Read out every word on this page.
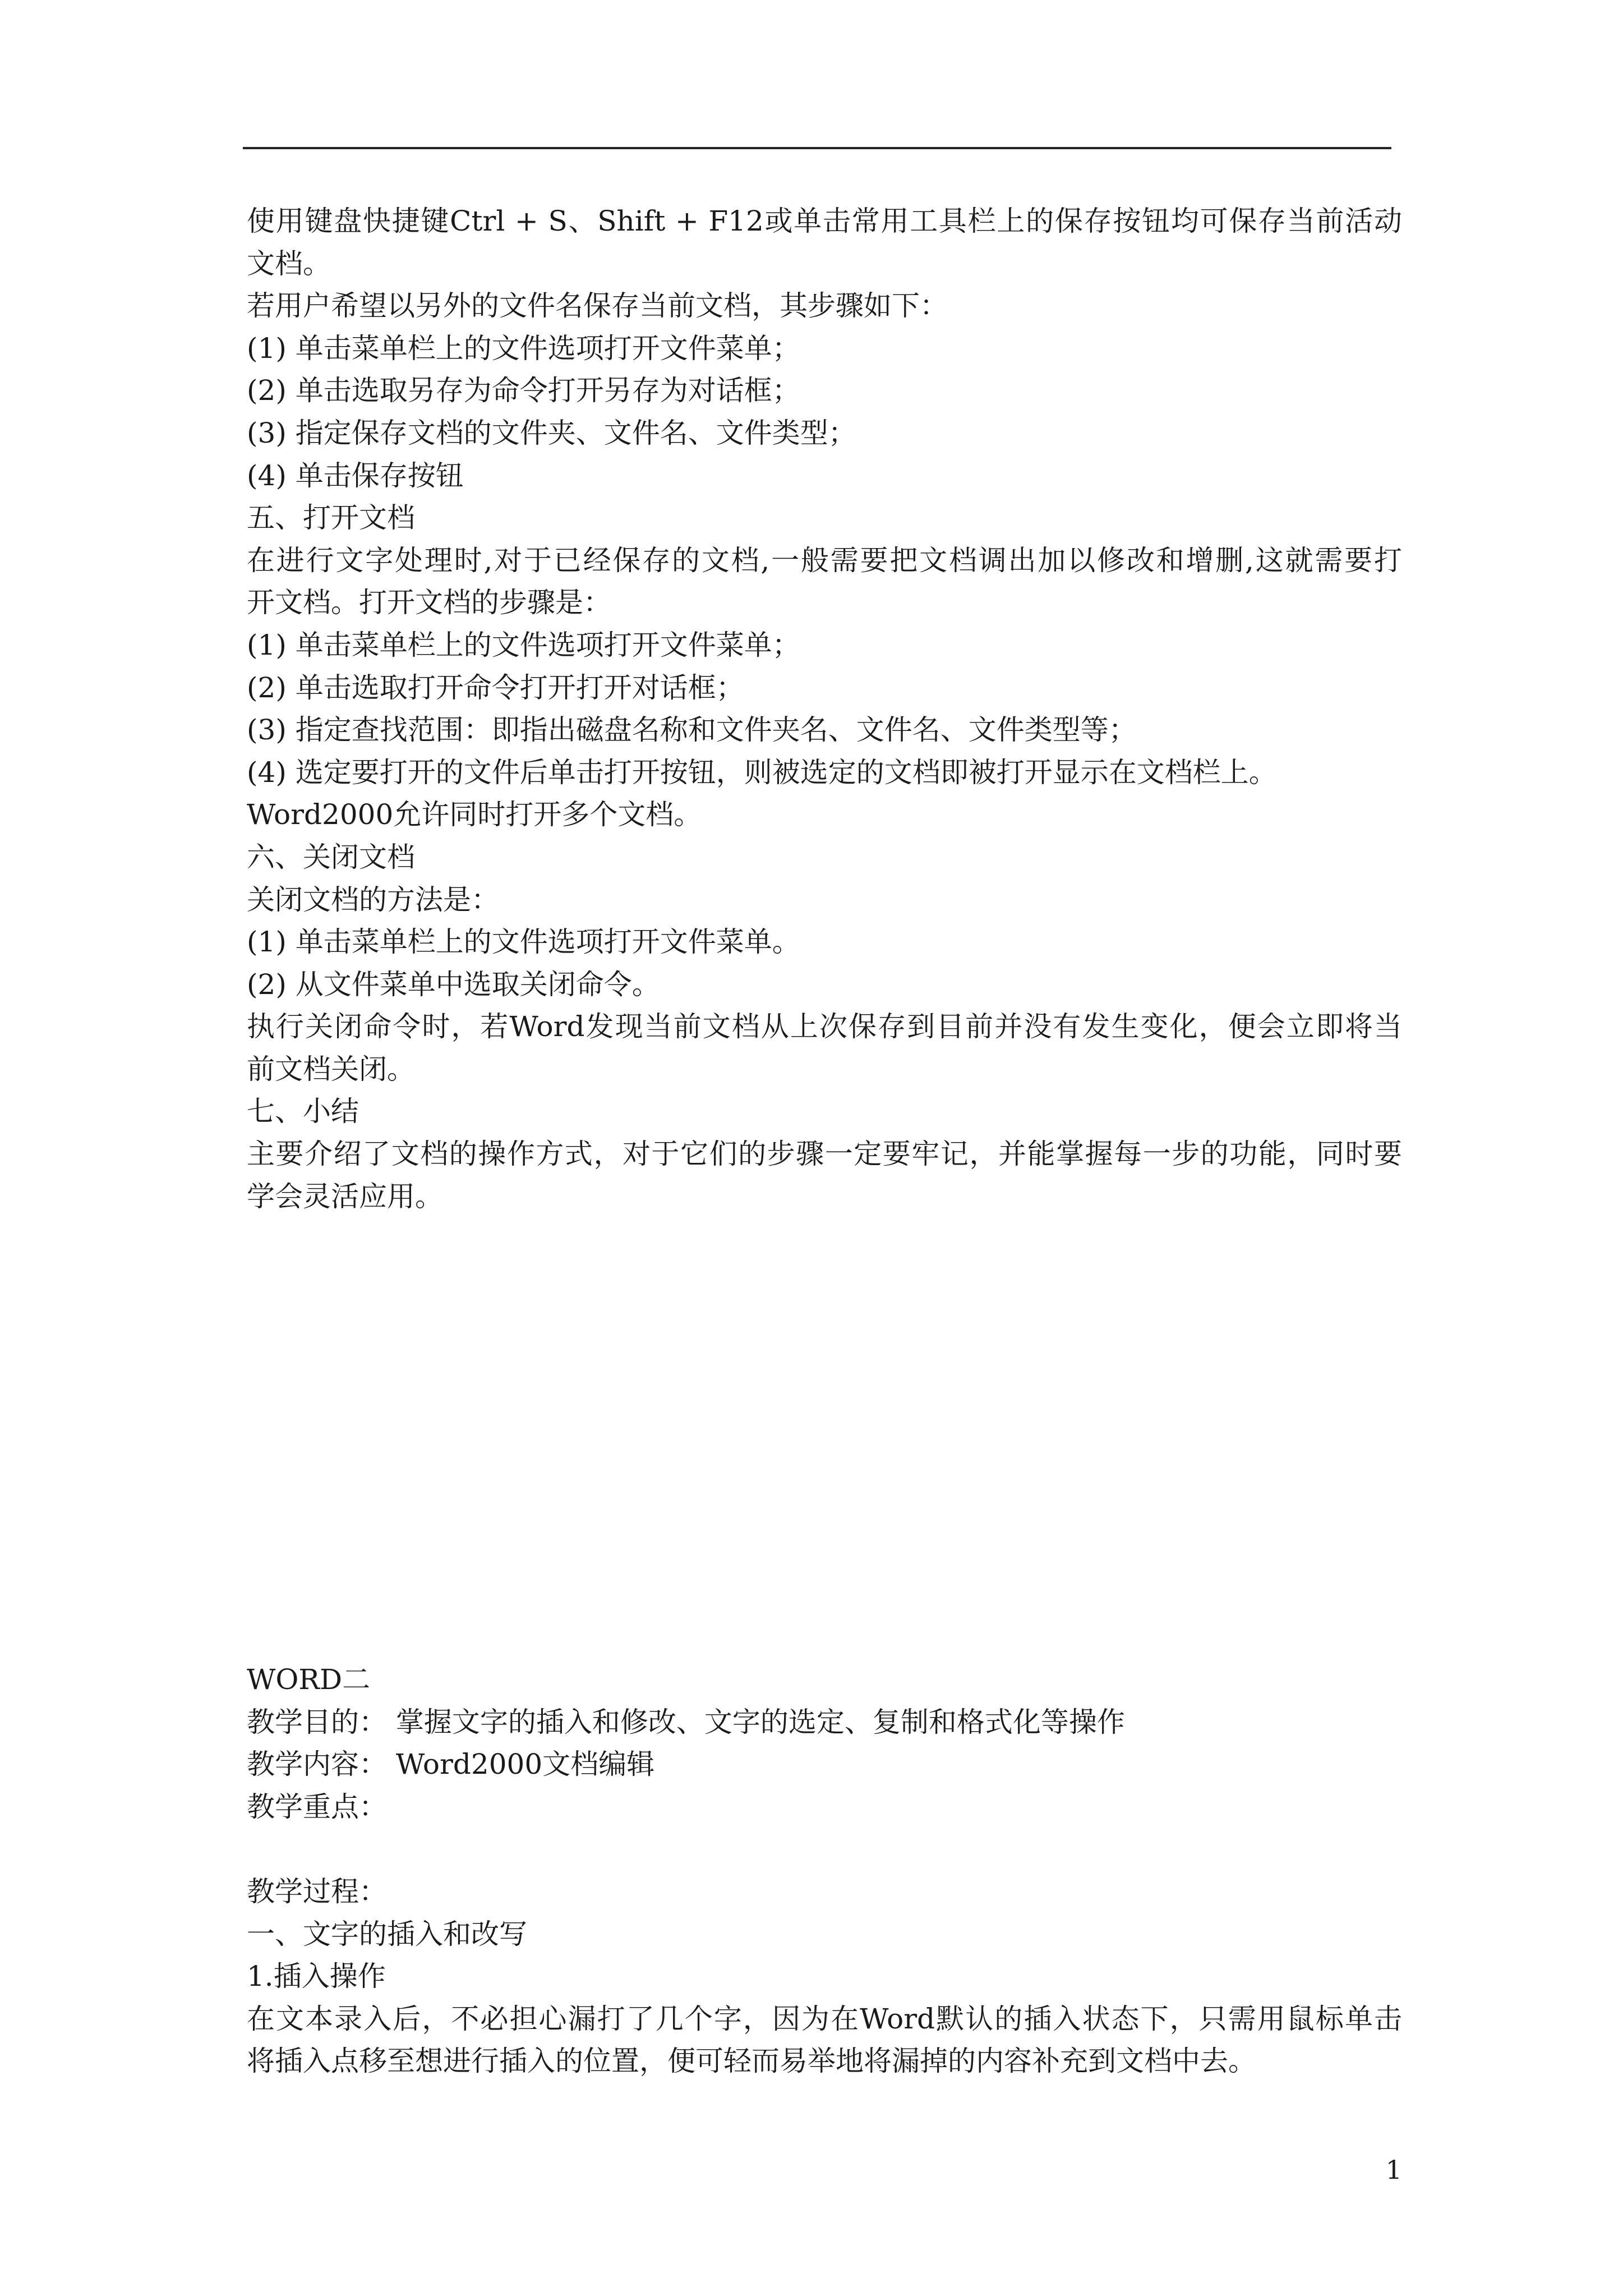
使用键盘快捷键Ctrl + S、Shift + F12或单击常用工具栏上的保存按钮均可保存当前活动
文档。
若用户希望以另外的文件名保存当前文档，其步骤如下：
(1) 单击菜单栏上的文件选项打开文件菜单；
(2) 单击选取另存为命令打开另存为对话框；
(3) 指定保存文档的文件夹、文件名、文件类型；
(4) 单击保存按钮
五、打开文档
在进行文字处理时,对于已经保存的文档,一般需要把文档调出加以修改和增删,这就需要打
开文档。打开文档的步骤是：
(1) 单击菜单栏上的文件选项打开文件菜单；
(2) 单击选取打开命令打开打开对话框；
(3) 指定查找范围：即指出磁盘名称和文件夹名、文件名、文件类型等；
(4) 选定要打开的文件后单击打开按钮，则被选定的文档即被打开显示在文档栏上。
Word2000允许同时打开多个文档。
六、关闭文档
关闭文档的方法是：
(1) 单击菜单栏上的文件选项打开文件菜单。
(2) 从文件菜单中选取关闭命令。
执行关闭命令时，若Word发现当前文档从上次保存到目前并没有发生变化，便会立即将当
前文档关闭。
七、小结
主要介绍了文档的操作方式，对于它们的步骤一定要牢记，并能掌握每一步的功能，同时要
学会灵活应用。
WORD二
教学目的： 掌握文字的插入和修改、文字的选定、复制和格式化等操作
教学内容： Word2000文档编辑
教学重点：
教学过程：
一、文字的插入和改写
1.插入操作
在文本录入后，不必担心漏打了几个字，因为在Word默认的插入状态下，只需用鼠标单击
将插入点移至想进行插入的位置，便可轻而易举地将漏掉的内容补充到文档中去。
1
